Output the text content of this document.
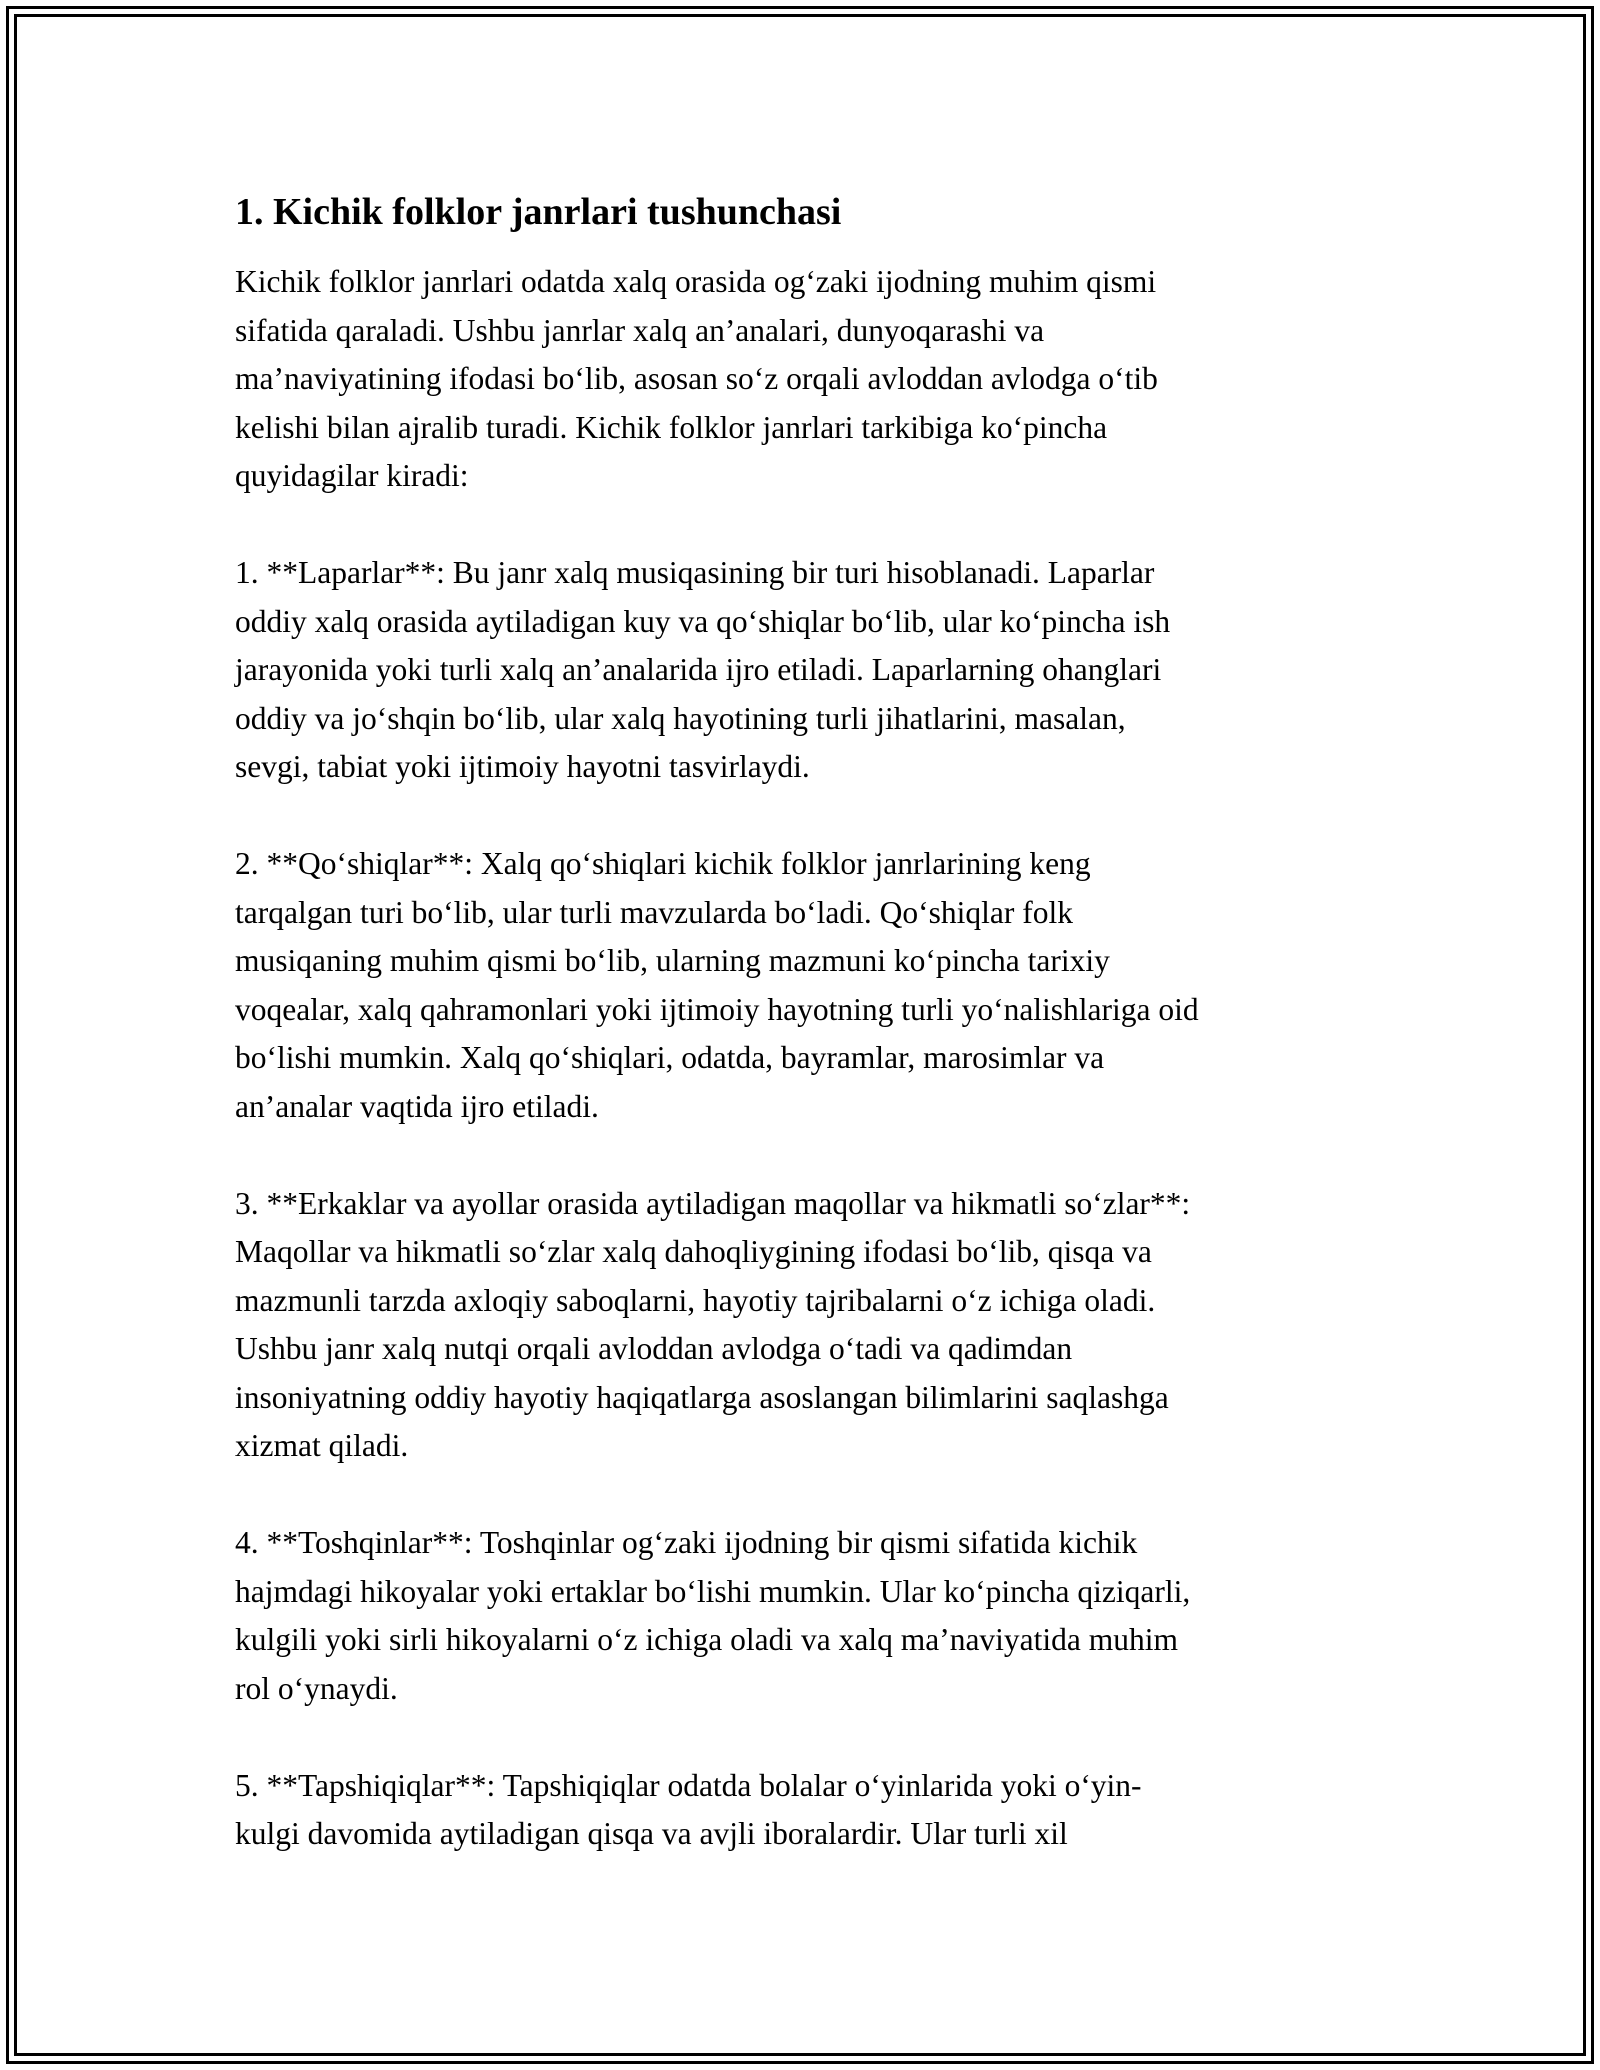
1. Kichik folklor janrlari tushunchasi
Kichik folklor janrlari odatda xalq orasida og‘zaki ijodning muhim qismi
sifatida qaraladi. Ushbu janrlar xalq an’analari, dunyoqarashi va
ma’naviyatining ifodasi bo‘lib, asosan so‘z orqali avloddan avlodga o‘tib
kelishi bilan ajralib turadi. Kichik folklor janrlari tarkibiga ko‘pincha
quyidagilar kiradi:
1. **Laparlar**: Bu janr xalq musiqasining bir turi hisoblanadi. Laparlar
oddiy xalq orasida aytiladigan kuy va qo‘shiqlar bo‘lib, ular ko‘pincha ish
jarayonida yoki turli xalq an’analarida ijro etiladi. Laparlarning ohanglari
oddiy va jo‘shqin bo‘lib, ular xalq hayotining turli jihatlarini, masalan,
sevgi, tabiat yoki ijtimoiy hayotni tasvirlaydi.
2. **Qo‘shiqlar**: Xalq qo‘shiqlari kichik folklor janrlarining keng
tarqalgan turi bo‘lib, ular turli mavzularda bo‘ladi. Qo‘shiqlar folk
musiqaning muhim qismi bo‘lib, ularning mazmuni ko‘pincha tarixiy
voqealar, xalq qahramonlari yoki ijtimoiy hayotning turli yo‘nalishlariga oid
bo‘lishi mumkin. Xalq qo‘shiqlari, odatda, bayramlar, marosimlar va
an’analar vaqtida ijro etiladi.
3. **Erkaklar va ayollar orasida aytiladigan maqollar va hikmatli so‘zlar**:
Maqollar va hikmatli so‘zlar xalq dahoqliygining ifodasi bo‘lib, qisqa va
mazmunli tarzda axloqiy saboqlarni, hayotiy tajribalarni o‘z ichiga oladi.
Ushbu janr xalq nutqi orqali avloddan avlodga o‘tadi va qadimdan
insoniyatning oddiy hayotiy haqiqatlarga asoslangan bilimlarini saqlashga
xizmat qiladi.
4. **Toshqinlar**: Toshqinlar og‘zaki ijodning bir qismi sifatida kichik
hajmdagi hikoyalar yoki ertaklar bo‘lishi mumkin. Ular ko‘pincha qiziqarli,
kulgili yoki sirli hikoyalarni o‘z ichiga oladi va xalq ma’naviyatida muhim
rol o‘ynaydi.
5. **Tapshiqiqlar**: Tapshiqiqlar odatda bolalar o‘yinlarida yoki o‘yin-
kulgi davomida aytiladigan qisqa va avjli iboralardir. Ular turli xil
